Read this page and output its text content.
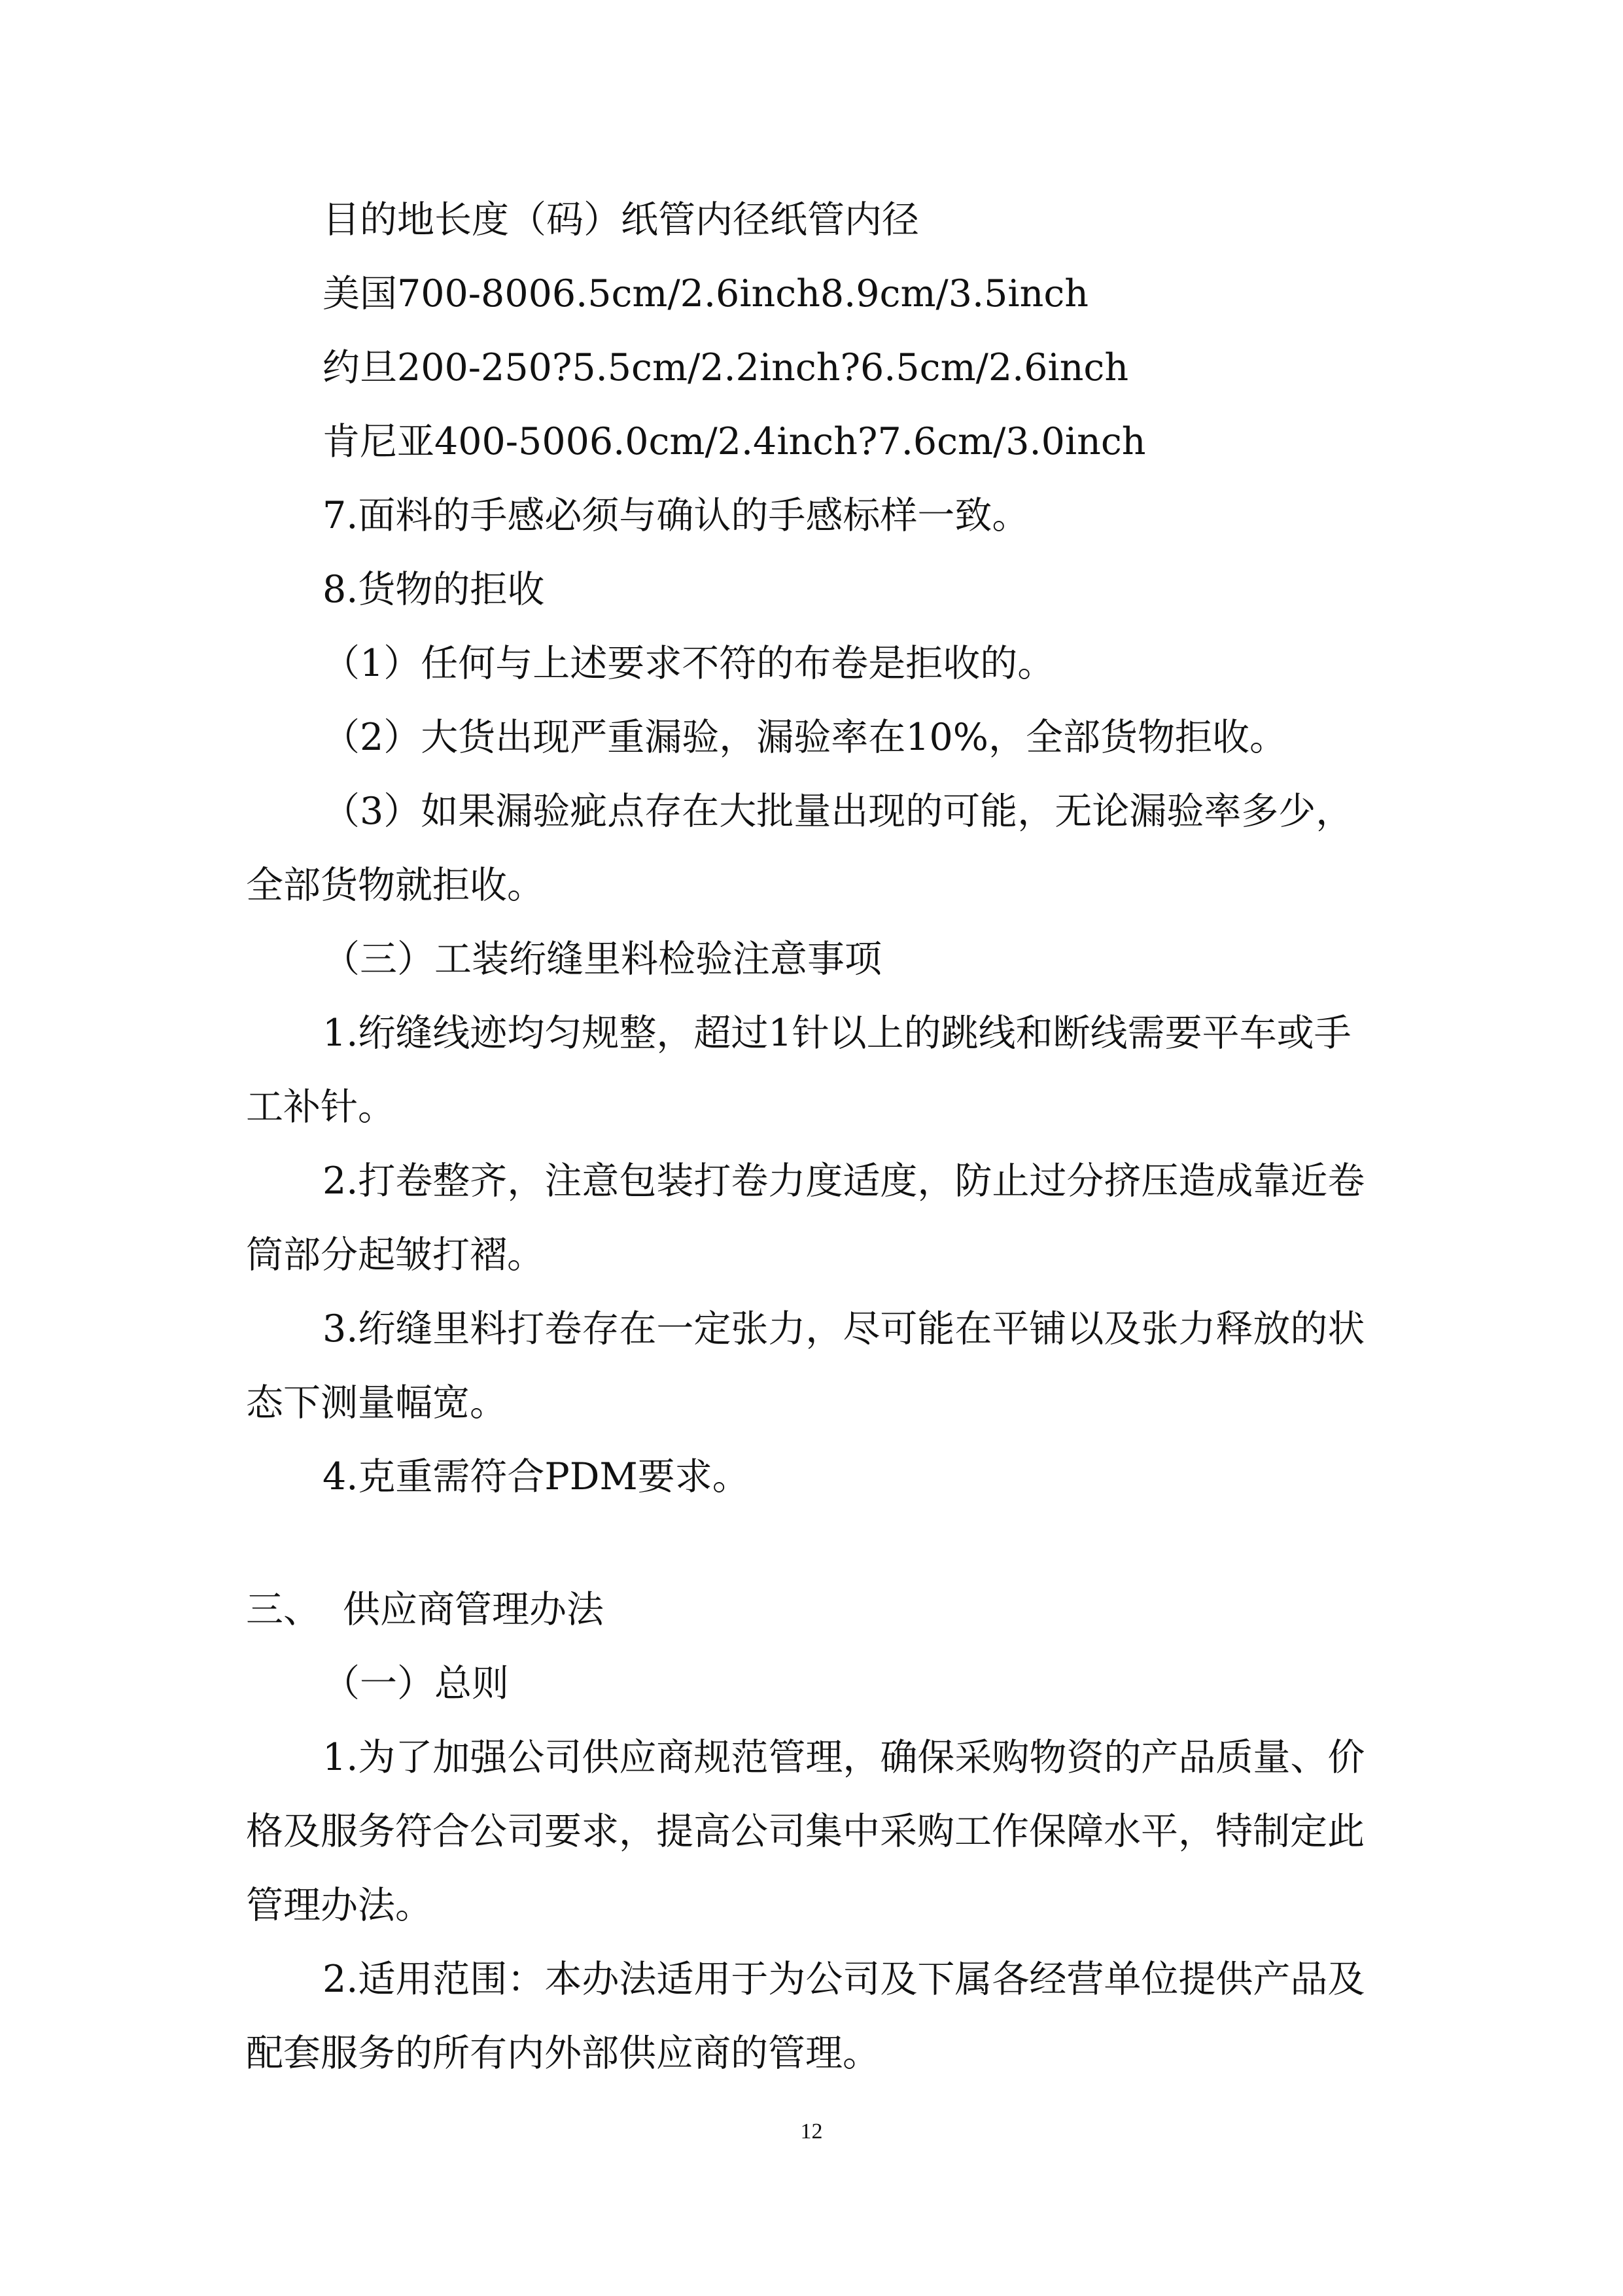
目的地长度（码）纸管内径纸管内径
美国700-8006.5cm/2.6inch8.9cm/3.5inch
约旦200-250?5.5cm/2.2inch?6.5cm/2.6inch
肯尼亚400-5006.0cm/2.4inch?7.6cm/3.0inch
7.面料的手感必须与确认的手感标样一致。
8.货物的拒收
（1）任何与上述要求不符的布卷是拒收的。
（2）大货出现严重漏验，漏验率在10%，全部货物拒收。
（3）如果漏验疵点存在大批量出现的可能，无论漏验率多少，
全部货物就拒收。
（三）工装绗缝里料检验注意事项
1.绗缝线迹均匀规整，超过1针以上的跳线和断线需要平车或手
工补针。
2.打卷整齐，注意包装打卷力度适度，防止过分挤压造成靠近卷
筒部分起皱打褶。
3.绗缝里料打卷存在一定张力，尽可能在平铺以及张力释放的状
态下测量幅宽。
4.克重需符合PDM要求。
三、 供应商管理办法
（一）总则
1.为了加强公司供应商规范管理，确保采购物资的产品质量、价
格及服务符合公司要求，提高公司集中采购工作保障水平，特制定此
管理办法。
2.适用范围：本办法适用于为公司及下属各经营单位提供产品及
配套服务的所有内外部供应商的管理。
12
